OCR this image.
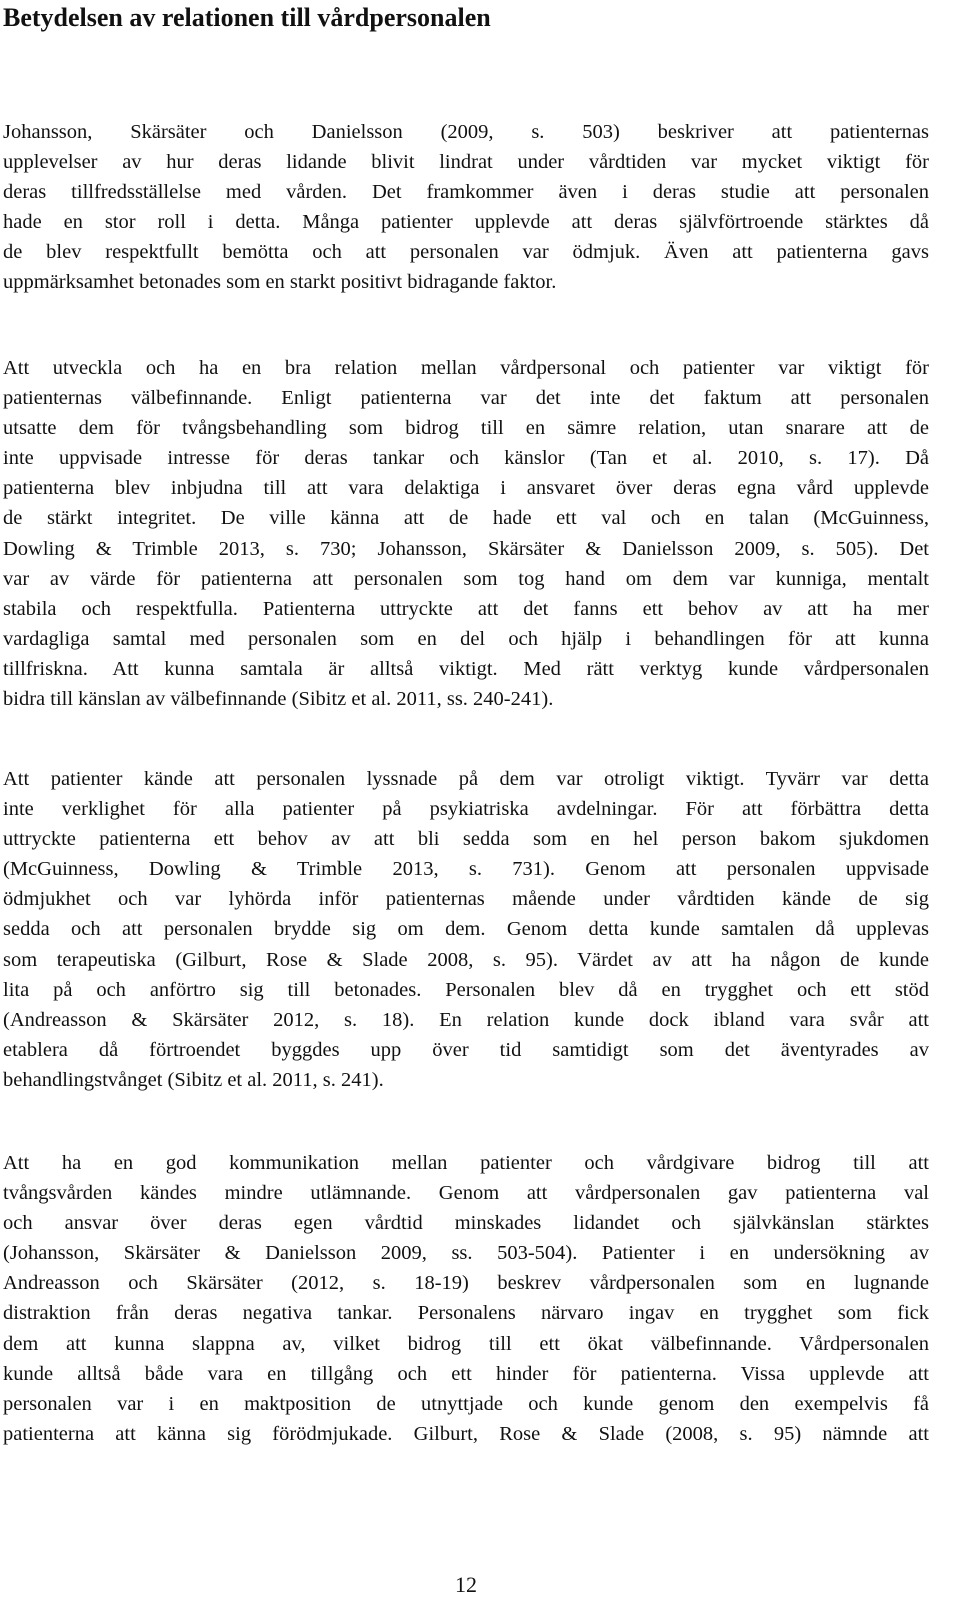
Betydelsen av relationen till vårdpersonalen

Johansson, Skärsäter och Danielsson (2009, s. 503) beskriver att patienternas
upplevelser av hur deras lidande blivit lindrat under vårdtiden var mycket viktigt för
deras tillfredsställelse med vården. Det framkommer även i deras studie att personalen
hade en stor roll i detta. Många patienter upplevde att deras självförtroende stärktes då
de blev respektfullt bemötta och att personalen var ödmjuk. Även att patienterna gavs
uppmärksamhet betonades som en starkt positivt bidragande faktor.

Att utveckla och ha en bra relation mellan vårdpersonal och patienter var viktigt för
patienternas välbefinnande. Enligt patienterna var det inte det faktum att personalen
utsatte dem för tvångsbehandling som bidrog till en sämre relation, utan snarare att de
inte uppvisade intresse för deras tankar och känslor (Tan et al. 2010, s. 17). Då
patienterna blev inbjudna till att vara delaktiga i ansvaret över deras egna vård upplevde
de stärkt integritet. De ville känna att de hade ett val och en talan (McGuinness,
Dowling & Trimble 2013, s. 730; Johansson, Skärsäter & Danielsson 2009, s. 505). Det
var av värde för patienterna att personalen som tog hand om dem var kunniga, mentalt
stabila och respektfulla. Patienterna uttryckte att det fanns ett behov av att ha mer
vardagliga samtal med personalen som en del och hjälp i behandlingen för att kunna
tillfriskna. Att kunna samtala är alltså viktigt. Med rätt verktyg kunde vårdpersonalen
bidra till känslan av välbefinnande (Sibitz et al. 2011, ss. 240-241).

Att patienter kände att personalen lyssnade på dem var otroligt viktigt. Tyvärr var detta
inte verklighet för alla patienter på psykiatriska avdelningar. För att förbättra detta
uttryckte patienterna ett behov av att bli sedda som en hel person bakom sjukdomen
(McGuinness, Dowling & Trimble 2013, s. 731). Genom att personalen uppvisade
ödmjukhet och var lyhörda inför patienternas mående under vårdtiden kände de sig
sedda och att personalen brydde sig om dem. Genom detta kunde samtalen då upplevas
som terapeutiska (Gilburt, Rose & Slade 2008, s. 95). Värdet av att ha någon de kunde
lita på och anförtro sig till betonades. Personalen blev då en trygghet och ett stöd
(Andreasson & Skärsäter 2012, s. 18). En relation kunde dock ibland vara svår att
etablera då förtroendet byggdes upp över tid samtidigt som det äventyrades av
behandlingstvånget (Sibitz et al. 2011, s. 241).

Att ha en god kommunikation mellan patienter och vårdgivare bidrog till att
tvångsvården kändes mindre utlämnande. Genom att vårdpersonalen gav patienterna val
och ansvar över deras egen vårdtid minskades lidandet och självkänslan stärktes
(Johansson, Skärsäter & Danielsson 2009, ss. 503-504). Patienter i en undersökning av
Andreasson och Skärsäter (2012, s. 18-19) beskrev vårdpersonalen som en lugnande
distraktion från deras negativa tankar. Personalens närvaro ingav en trygghet som fick
dem att kunna slappna av, vilket bidrog till ett ökat välbefinnande. Vårdpersonalen
kunde alltså både vara en tillgång och ett hinder för patienterna. Vissa upplevde att
personalen var i en maktposition de utnyttjade och kunde genom den exempelvis få
patienterna att känna sig förödmjukade. Gilburt, Rose & Slade (2008, s. 95) nämnde att

12
